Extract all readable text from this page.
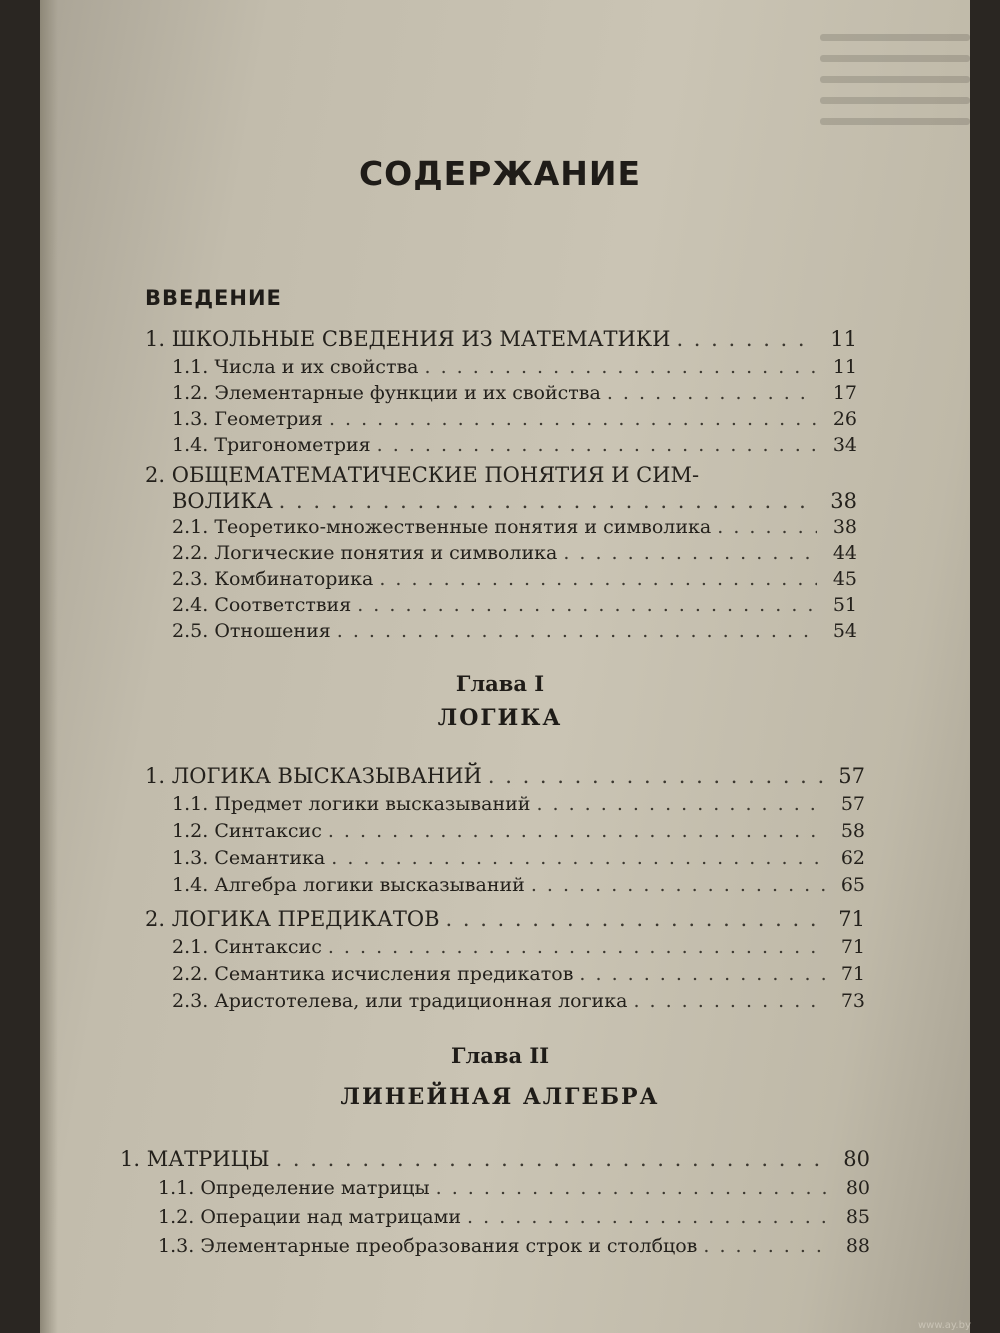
СОДЕРЖАНИЕ
ВВЕДЕНИЕ
1. ШКОЛЬНЫЕ СВЕДЕНИЯ ИЗ МАТЕМАТИКИ . . .	11
1.1. Числа и их свойства . . .	11
1.2. Элементарные функции и их свойства . . .	17
1.3. Геометрия . . .	26
1.4. Тригонометрия . . .	34
2. ОБЩЕМАТЕМАТИЧЕСКИЕ ПОНЯТИЯ И СИМ-
ВОЛИКА . . .	38
2.1. Теоретико-множественные понятия и символика . . .	38
2.2. Логические понятия и символика . . .	44
2.3. Комбинаторика . . .	45
2.4. Соответствия . . .	51
2.5. Отношения . . .	54
Глава I
ЛОГИКА
1. ЛОГИКА ВЫСКАЗЫВАНИЙ . . .	57
1.1. Предмет логики высказываний . . .	57
1.2. Синтаксис . . .	58
1.3. Семантика . . .	62
1.4. Алгебра логики высказываний . . .	65
2. ЛОГИКА ПРЕДИКАТОВ . . .	71
2.1. Синтаксис . . .	71
2.2. Семантика исчисления предикатов . . .	71
2.3. Аристотелева, или традиционная логика . . .	73
Глава II
ЛИНЕЙНАЯ АЛГЕБРА
1. МАТРИЦЫ . . .	80
1.1. Определение матрицы . . .	80
1.2. Операции над матрицами . . .	85
1.3. Элементарные преобразования строк и столбцов . . .	88
www.ay.by
